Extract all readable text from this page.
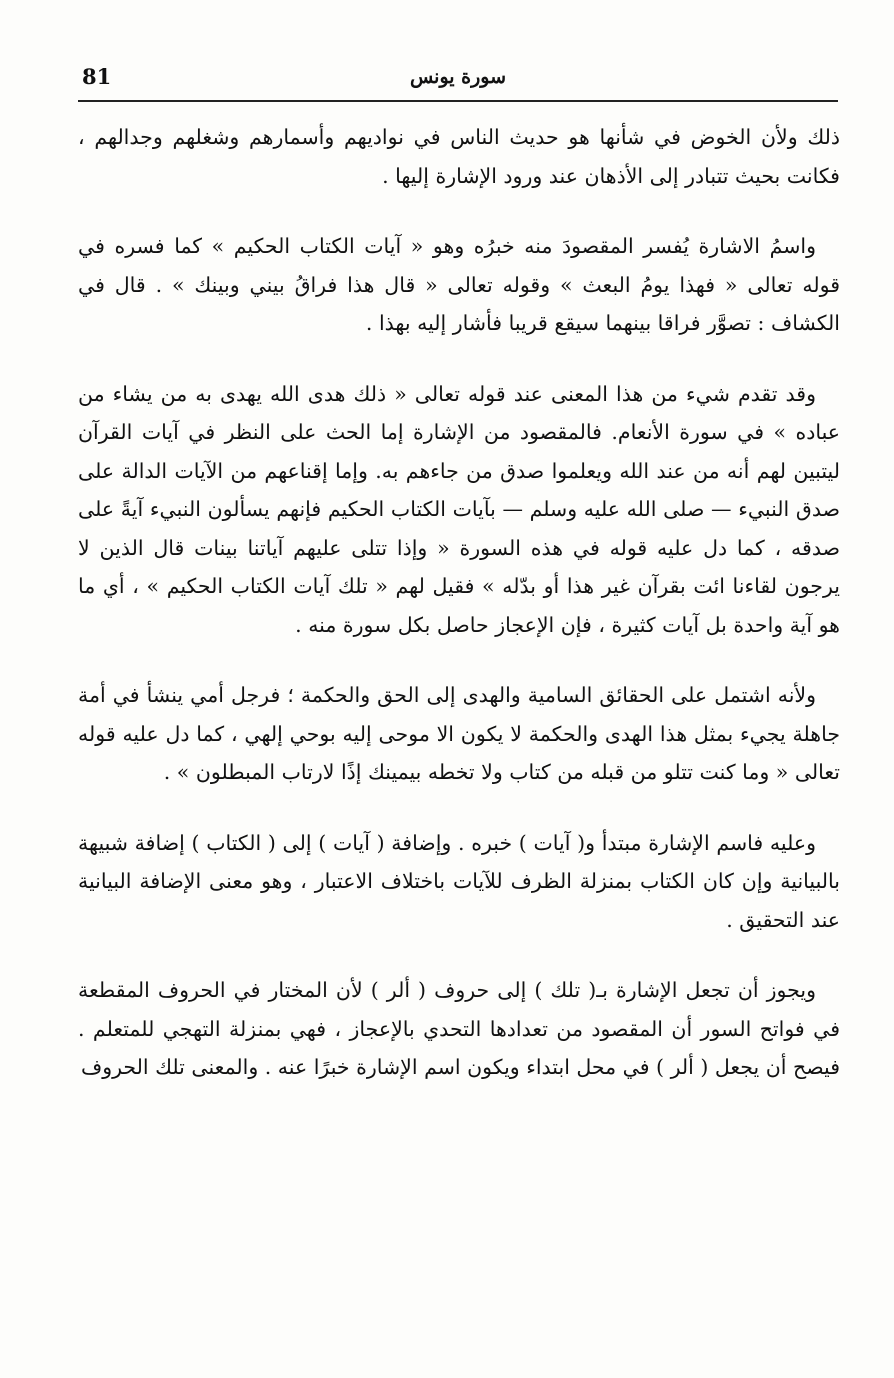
81	سورة يونس

ذلك ولأن الخوض في شأنها هو حديث الناس في نواديهم وأسمارهم وشغلهم وجدالهم ، فكانت بحيث تتبادر إلى الأذهان عند ورود الإشارة إليها .

واسمُ الاشارة يُفسر المقصودَ منه خبرُه وهو « آيات الكتاب الحكيم » كما فسره في قوله تعالى « فهذا يومُ البعث » وقوله تعالى « قال هذا فراقُ بيني وبينك » . قال في الكشاف : تصوَّر فراقا بينهما سيقع قريبا فأشار إليه بهذا .

وقد تقدم شيء من هذا المعنى عند قوله تعالى « ذلك هدى الله يهدى به من يشاء من عباده » في سورة الأنعام. فالمقصود من الإشارة إما الحث على النظر في آيات القرآن ليتبين لهم أنه من عند الله ويعلموا صدق من جاءهم به. وإما إقناعهم من الآيات الدالة على صدق النبيء — صلى الله عليه وسلم — بآيات الكتاب الحكيم فإنهم يسألون النبيء آيةً على صدقه ، كما دل عليه قوله في هذه السورة « وإذا تتلى عليهم آياتنا بينات قال الذين لا يرجون لقاءنا ائت بقرآن غير هذا أو بدّله » فقيل لهم « تلك آيات الكتاب الحكيم » ، أي ما هو آية واحدة بل آيات كثيرة ، فإن الإعجاز حاصل بكل سورة منه .

ولأنه اشتمل على الحقائق السامية والهدى إلى الحق والحكمة ؛ فرجل أمي ينشأ في أمة جاهلة يجيء بمثل هذا الهدى والحكمة لا يكون الا موحى إليه بوحي إلهي ، كما دل عليه قوله تعالى « وما كنت تتلو من قبله من كتاب ولا تخطه بيمينك إذًا لارتاب المبطلون » .

وعليه فاسم الإشارة مبتدأ و( آيات ) خبره . وإضافة ( آيات ) إلى ( الكتاب ) إضافة شبيهة بالبيانية وإن كان الكتاب بمنزلة الظرف للآيات باختلاف الاعتبار ، وهو معنى الإضافة البيانية عند التحقيق .

ويجوز أن تجعل الإشارة بـ( تلك ) إلى حروف ( ألر ) لأن المختار في الحروف المقطعة في فواتح السور أن المقصود من تعدادها التحدي بالإعجاز ، فهي بمنزلة التهجي للمتعلم . فيصح أن يجعل ( ألر ) في محل ابتداء ويكون اسم الإشارة خبرًا عنه . والمعنى تلك الحروف
